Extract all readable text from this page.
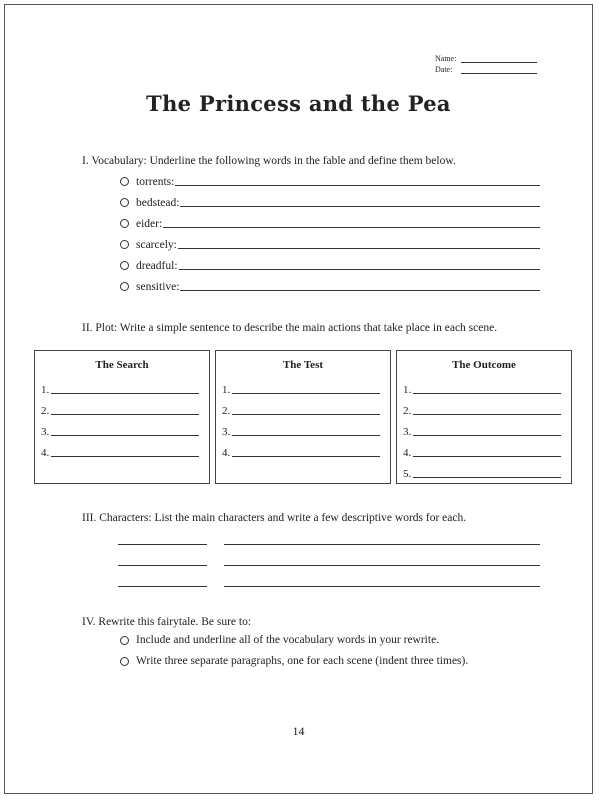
Name:
Date:
The Princess and the Pea
I. Vocabulary: Underline the following words in the fable and define them below.
torrents:
bedstead:
eider:
scarcely:
dreadful:
sensitive:
II. Plot: Write a simple sentence to describe the main actions that take place in each scene.
The Search
1.
2.
3.
4.
The Test
1.
2.
3.
4.
The Outcome
1.
2.
3.
4.
5.
III. Characters: List the main characters and write a few descriptive words for each.
IV. Rewrite this fairytale. Be sure to:
Include and underline all of the vocabulary words in your rewrite.
Write three separate paragraphs, one for each scene (indent three times).
14
